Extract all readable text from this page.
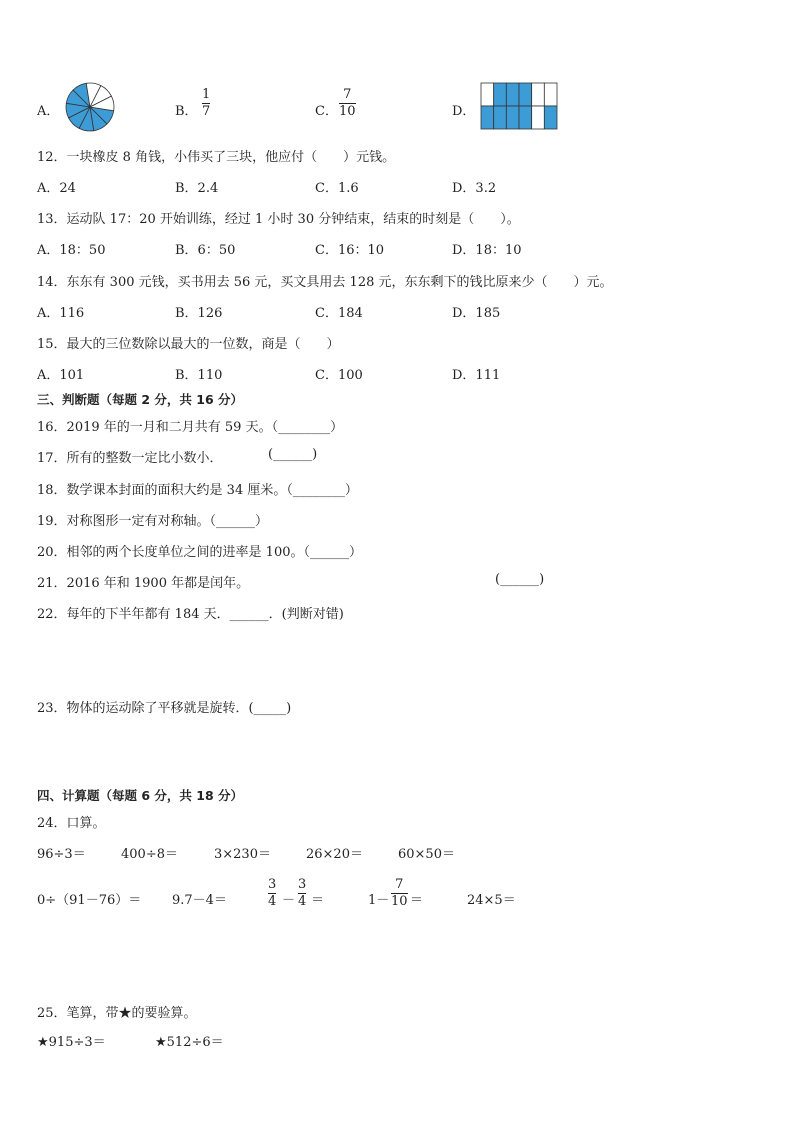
A．	B．
1
7	C．
7
10	D．
12．一块橡皮 8 角钱，小伟买了三块，他应付（　　）元钱。
A．24	B．2.4	C．1.6	D．3.2
13．运动队 17：20 开始训练，经过 1 小时 30 分钟结束，结束的时刻是（　　）。
A．18：50	B．6：50	C．16：10	D．18：10
14．东东有 300 元钱，买书用去 56 元，买文具用去 128 元，东东剩下的钱比原来少（　　）元。
A．116	B．126	C．184	D．185
15．最大的三位数除以最大的一位数，商是（　　）
A．101	B．110	C．100	D．111
三、判断题（每题 2 分，共 16 分）
16．2019 年的一月和二月共有 59 天。（________）
17．所有的整数一定比小数小．	(______)
18．数学课本封面的面积大约是 34 厘米。（________）
19．对称图形一定有对称轴。（______）
20．相邻的两个长度单位之间的进率是 100。（______）
21．2016 年和 1900 年都是闰年。	(______)
22．每年的下半年都有 184 天．______．(判断对错)
23．物体的运动除了平移就是旋转．(_____)
四、计算题（每题 6 分，共 18 分）
24．口算。
96÷3＝	400÷8＝	3×230＝	26×20＝	60×50＝
0÷（91－76）＝ 9.7－4＝
3
4 －
3
4 ＝	1－
7
10 ＝	24×5＝
25．笔算，带★的要验算。
★915÷3＝	★512÷6＝
